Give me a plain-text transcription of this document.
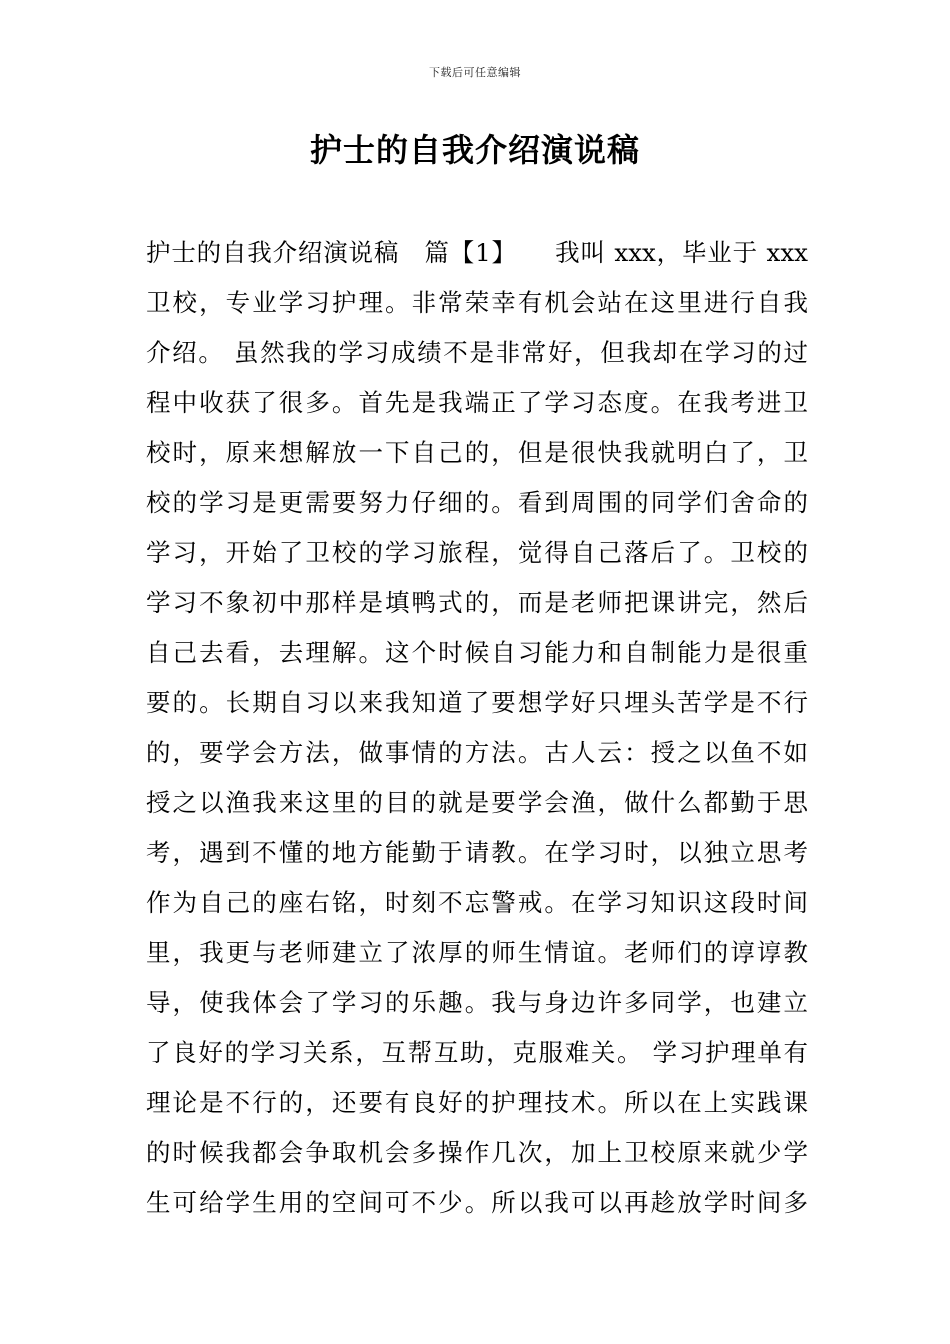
下载后可任意编辑
护士的自我介绍演说稿
护士的自我介绍演说稿　篇【1】　　我叫 xxx，毕业于 xxx
卫校，专业学习护理。非常荣幸有机会站在这里进行自我
介绍。 虽然我的学习成绩不是非常好，但我却在学习的过
程中收获了很多。首先是我端正了学习态度。在我考进卫
校时，原来想解放一下自己的，但是很快我就明白了，卫
校的学习是更需要努力仔细的。看到周围的同学们舍命的
学习，开始了卫校的学习旅程，觉得自己落后了。卫校的
学习不象初中那样是填鸭式的，而是老师把课讲完，然后
自己去看，去理解。这个时候自习能力和自制能力是很重
要的。长期自习以来我知道了要想学好只埋头苦学是不行
的，要学会方法，做事情的方法。古人云：授之以鱼不如
授之以渔我来这里的目的就是要学会渔，做什么都勤于思
考，遇到不懂的地方能勤于请教。在学习时，以独立思考
作为自己的座右铭，时刻不忘警戒。在学习知识这段时间
里，我更与老师建立了浓厚的师生情谊。老师们的谆谆教
导，使我体会了学习的乐趣。我与身边许多同学，也建立
了良好的学习关系，互帮互助，克服难关。 学习护理单有
理论是不行的，还要有良好的护理技术。所以在上实践课
的时候我都会争取机会多操作几次，加上卫校原来就少学
生可给学生用的空间可不少。所以我可以再趁放学时间多
